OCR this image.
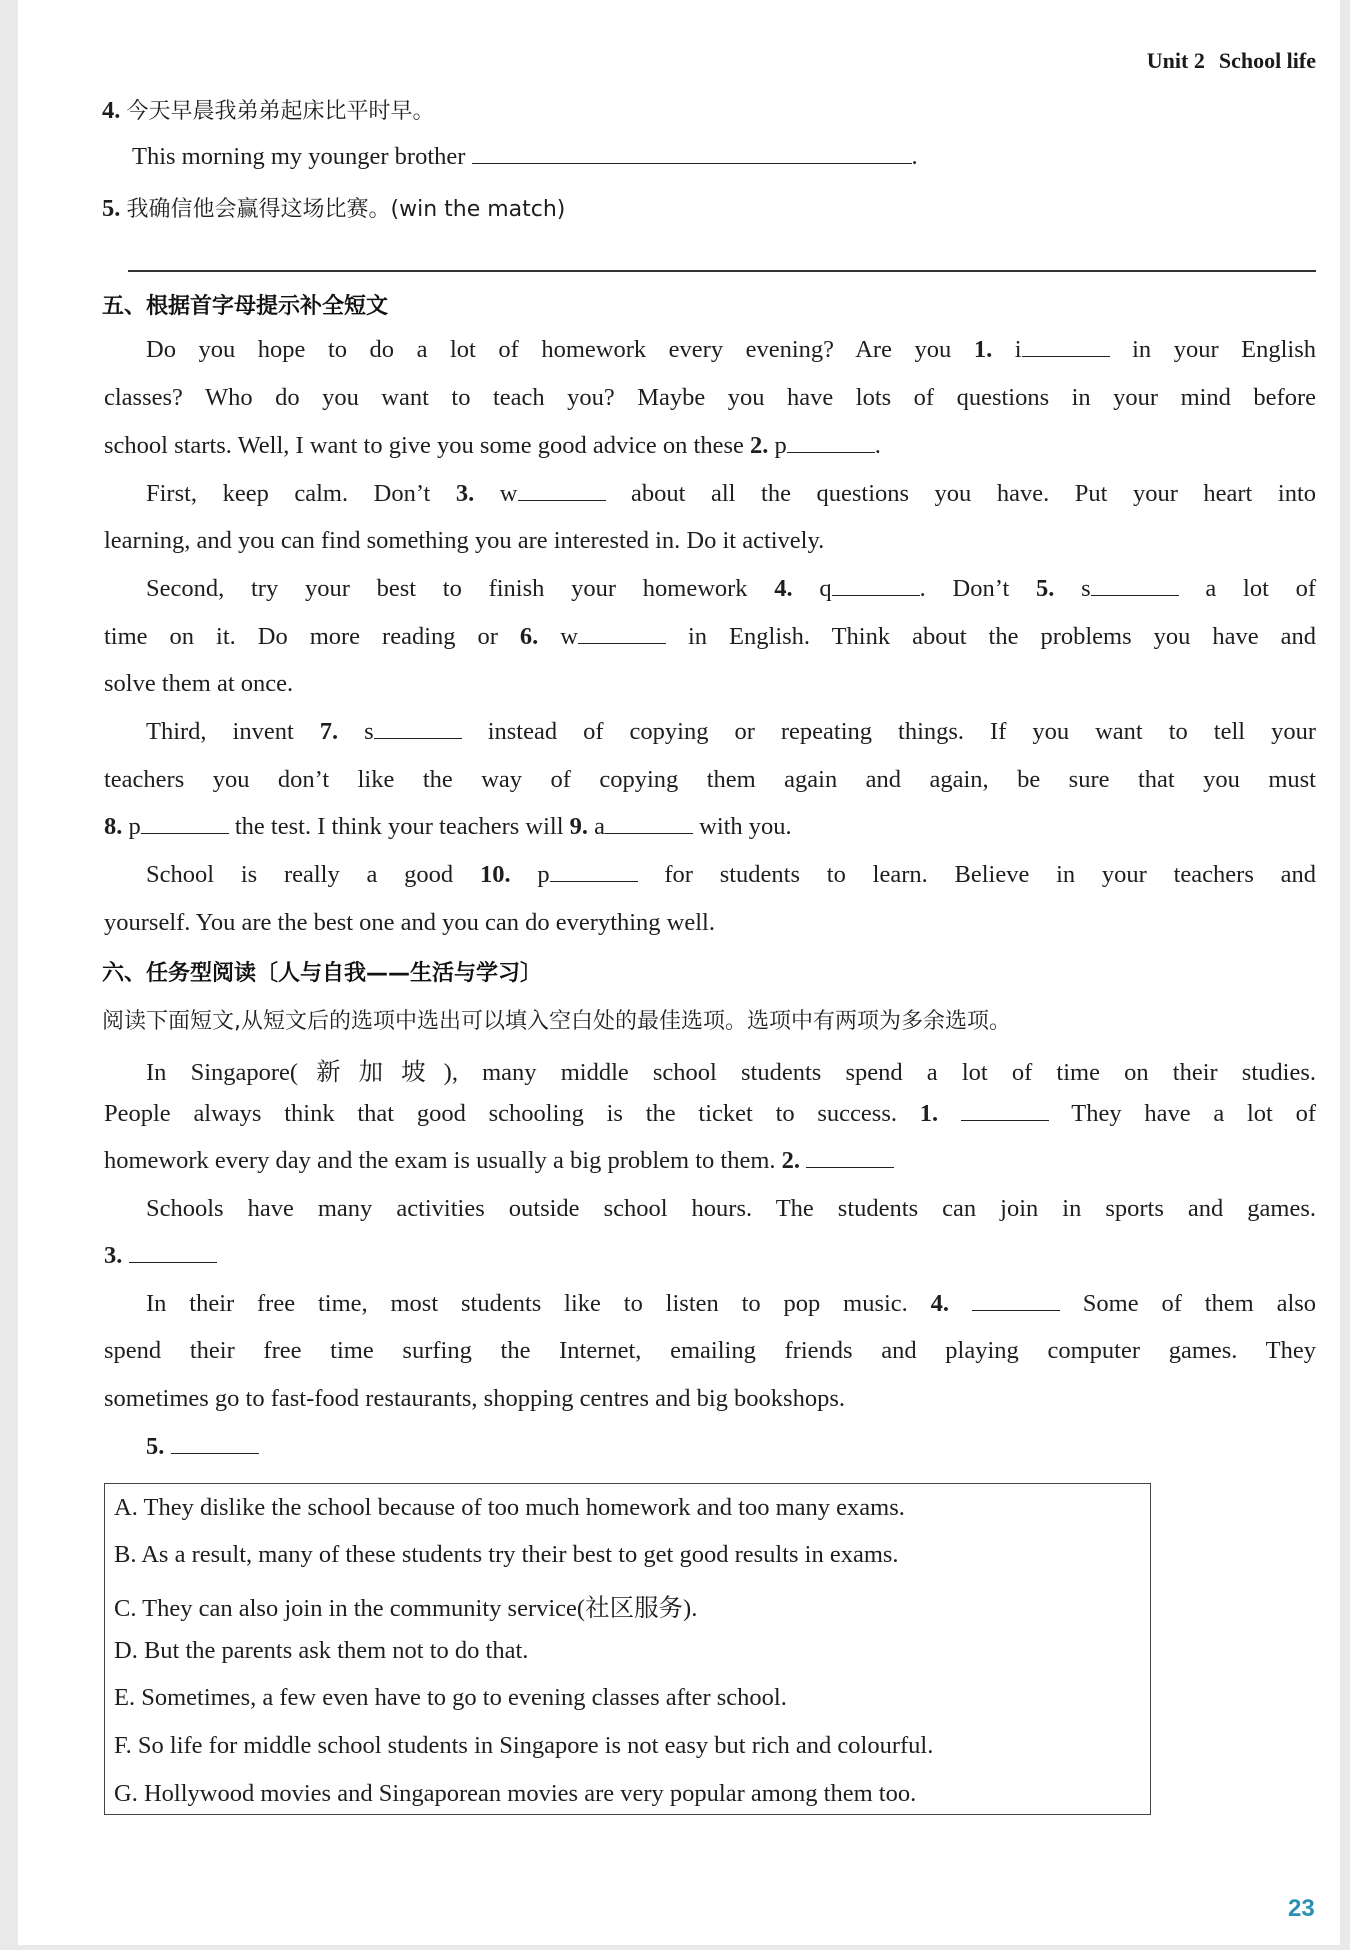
Unit 2 School life
4. 今天早晨我弟弟起床比平时早。
This morning my younger brother	.
5. 我确信他会赢得这场比赛。(win the match)
五、根据首字母提示补全短文
Do you hope to do a lot of homework every evening? Are you 1. i	in your English
classes? Who do you want to teach you? Maybe you have lots of questions in your mind before
school starts. Well, I want to give you some good advice on these 2. p	.
First, keep calm. Don’t 3. w	about all the questions you have. Put your heart into
learning, and you can find something you are interested in. Do it actively.
Second, try your best to finish your homework 4. q	. Don’t 5. s	a lot of
time on it. Do more reading or 6. w	in English. Think about the problems you have and
solve them at once.
Third, invent 7. s	instead of copying or repeating things. If you want to tell your
teachers you don’t like the way of copying them again and again, be sure that you must
8. p	the test. I think your teachers will 9. a	with you.
School is really a good 10. p	for students to learn. Believe in your teachers and
yourself. You are the best one and you can do everything well.
六、任务型阅读〔人与自我——生活与学习〕
阅读下面短文,从短文后的选项中选出可以填入空白处的最佳选项。选项中有两项为多余选项。
In Singapore(新加坡), many middle school students spend a lot of time on their studies.
People always think that good schooling is the ticket to success. 1.	They have a lot of
homework every day and the exam is usually a big problem to them. 2.
Schools have many activities outside school hours. The students can join in sports and games.
3.
In their free time, most students like to listen to pop music. 4.	Some of them also
spend their free time surfing the Internet, emailing friends and playing computer games. They
sometimes go to fast-food restaurants, shopping centres and big bookshops.
5.
A. They dislike the school because of too much homework and too many exams.
B. As a result, many of these students try their best to get good results in exams.
C. They can also join in the community service(社区服务).
D. But the parents ask them not to do that.
E. Sometimes, a few even have to go to evening classes after school.
F. So life for middle school students in Singapore is not easy but rich and colourful.
G. Hollywood movies and Singaporean movies are very popular among them too.
23
